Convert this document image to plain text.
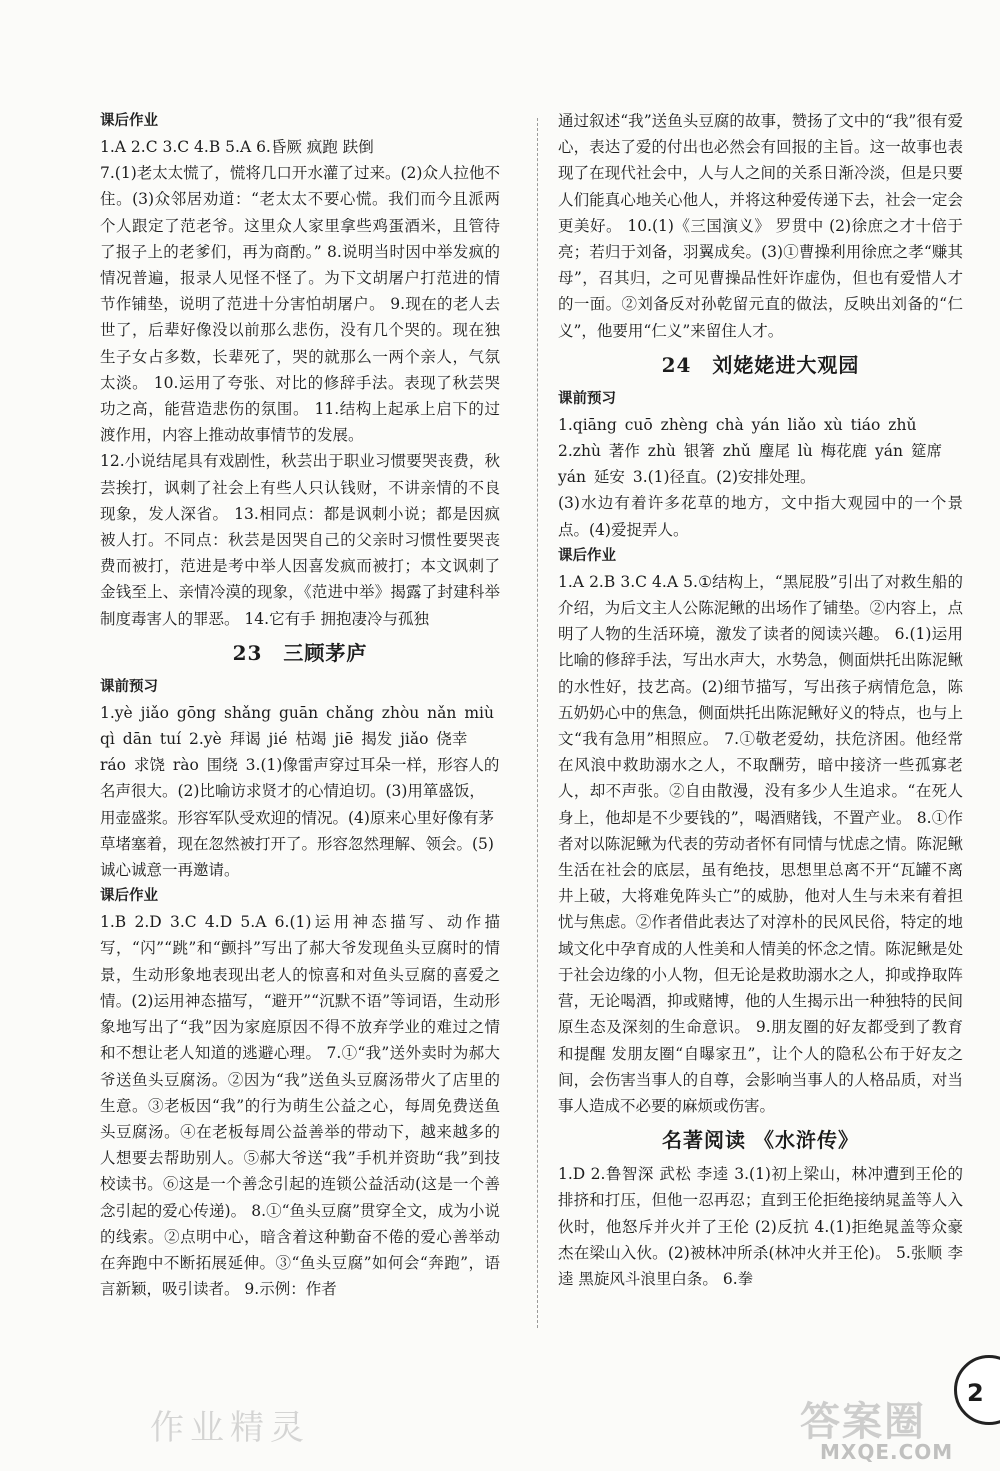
课后作业

1.A 2.C 3.C 4.B 5.A 6.昏厥 疯跑 趺倒

7.(1)老太太慌了，慌将几口开水灌了过来。(2)众人拉他不住。(3)众邻居劝道：“老太太不要心慌。我们而今且派两个人跟定了范老爷。这里众人家里拿些鸡蛋酒米，且管待了报子上的老爹们，再为商酌。” 8.说明当时因中举发疯的情况普遍，报录人见怪不怪了。为下文胡屠户打范进的情节作铺垫，说明了范进十分害怕胡屠户。 9.现在的老人去世了，后辈好像没以前那么悲伤，没有几个哭的。现在独生子女占多数，长辈死了，哭的就那么一两个亲人，气氛太淡。 10.运用了夸张、对比的修辞手法。表现了秋芸哭功之高，能营造悲伤的氛围。 11.结构上起承上启下的过渡作用，内容上推动故事情节的发展。

12.小说结尾具有戏剧性，秋芸出于职业习惯要哭丧费，秋芸挨打，讽刺了社会上有些人只认钱财，不讲亲情的不良现象，发人深省。 13.相同点：都是讽刺小说；都是因疯被人打。不同点：秋芸是因哭自己的父亲时习惯性要哭丧费而被打，范进是考中举人因喜发疯而被打；本文讽刺了金钱至上、亲情冷漠的现象，《范进中举》揭露了封建科举制度毒害人的罪恶。 14.它有手 拥抱凄冷与孤独

23　三顾茅庐

课前预习

1.yè jiǎo gōng shǎng guān chǎng zhòu nǎn miù qì dān tuí 2.yè 拜谒 jié 枯竭 jiē 揭发 jiǎo 侥幸 ráo 求饶 rào 围绕 3.(1)像雷声穿过耳朵一样，形容人的名声很大。(2)比喻访求贤才的心情迫切。(3)用箪盛饭，用壶盛浆。形容军队受欢迎的情况。(4)原来心里好像有茅草堵塞着，现在忽然被打开了。形容忽然理解、领会。(5)诚心诚意一再邀请。

课后作业

1.B 2.D 3.C 4.D 5.A 6.(1)运用神态描写、动作描写，“闪”“跳”和“颤抖”写出了郝大爷发现鱼头豆腐时的情景，生动形象地表现出老人的惊喜和对鱼头豆腐的喜爱之情。(2)运用神态描写，“避开”“沉默不语”等词语，生动形象地写出了“我”因为家庭原因不得不放弃学业的难过之情和不想让老人知道的逃避心理。 7.①“我”送外卖时为郝大爷送鱼头豆腐汤。②因为“我”送鱼头豆腐汤带火了店里的生意。③老板因“我”的行为萌生公益之心，每周免费送鱼头豆腐汤。④在老板每周公益善举的带动下，越来越多的人想要去帮助别人。⑤郝大爷送“我”手机并资助“我”到技校读书。⑥这是一个善念引起的连锁公益活动(这是一个善念引起的爱心传递)。 8.①“鱼头豆腐”贯穿全文，成为小说的线索。②点明中心，暗含着这种勤奋不倦的爱心善举动在奔跑中不断拓展延伸。③“鱼头豆腐”如何会“奔跑”，语言新颖，吸引读者。 9.示例：作者

通过叙述“我”送鱼头豆腐的故事，赞扬了文中的“我”很有爱心，表达了爱的付出也必然会有回报的主旨。这一故事也表现了在现代社会中，人与人之间的关系日渐冷淡，但是只要人们能真心地关心他人，并将这种爱传递下去，社会一定会更美好。 10.(1)《三国演义》 罗贯中 (2)徐庶之才十倍于亮；若归于刘备，羽翼成矣。(3)①曹操利用徐庶之孝“赚其母”，召其归，之可见曹操品性奸诈虚伪，但也有爱惜人才的一面。②刘备反对孙乾留元直的做法，反映出刘备的“仁义”，他要用“仁义”来留住人才。

24　刘姥姥进大观园

课前预习

1.qiāng cuō zhèng chà yán liǎo xù tiáo zhǔ 2.zhù 著作 zhù 银箸 zhǔ 麈尾 lù 梅花鹿 yán 筵席 yán 延安 3.(1)径直。(2)安排处理。

(3)水边有着许多花草的地方，文中指大观园中的一个景点。(4)爱捉弄人。

课后作业

1.A 2.B 3.C 4.A 5.①结构上，“黑屁股”引出了对救生船的介绍，为后文主人公陈泥鳅的出场作了铺垫。②内容上，点明了人物的生活环境，激发了读者的阅读兴趣。 6.(1)运用比喻的修辞手法，写出水声大，水势急，侧面烘托出陈泥鳅的水性好，技艺高。(2)细节描写，写出孩子病情危急，陈五奶奶心中的焦急，侧面烘托出陈泥鳅好义的特点，也与上文“我有急用”相照应。 7.①敬老爱幼，扶危济困。他经常在风浪中救助溺水之人，不取酬劳，暗中接济一些孤寡老人，却不声张。②自由散漫，没有多少人生追求。“在死人身上，他却是不少要钱的”，喝酒赌钱，不置产业。 8.①作者对以陈泥鳅为代表的劳动者怀有同情与忧虑之情。陈泥鳅生活在社会的底层，虽有绝技，思想里总离不开“瓦罐不离井上破，大将难免阵头亡”的威胁，他对人生与未来有着担忧与焦虑。②作者借此表达了对淳朴的民风民俗，特定的地域文化中孕育成的人性美和人情美的怀念之情。陈泥鳅是处于社会边缘的小人物，但无论是救助溺水之人，抑或挣取阵营，无论喝酒，抑或赌博，他的人生揭示出一种独特的民间原生态及深刻的生命意识。 9.朋友圈的好友都受到了教育和提醒 发朋友圈“自曝家丑”，让个人的隐私公布于好友之间，会伤害当事人的自尊，会影响当事人的人格品质，对当事人造成不必要的麻烦或伤害。

名著阅读 《水浒传》

1.D 2.鲁智深 武松 李逵 3.(1)初上梁山，林冲遭到王伦的排挤和打压，但他一忍再忍；直到王伦拒绝接纳晁盖等人入伙时，他怒斥并火并了王伦 (2)反抗 4.(1)拒绝晁盖等众豪杰在梁山入伙。(2)被林冲所杀(林冲火并王伦)。 5.张顺 李逵 黑旋风斗浪里白条。 6.拳

2
作业精灵	答案圈
MXQE.COM
